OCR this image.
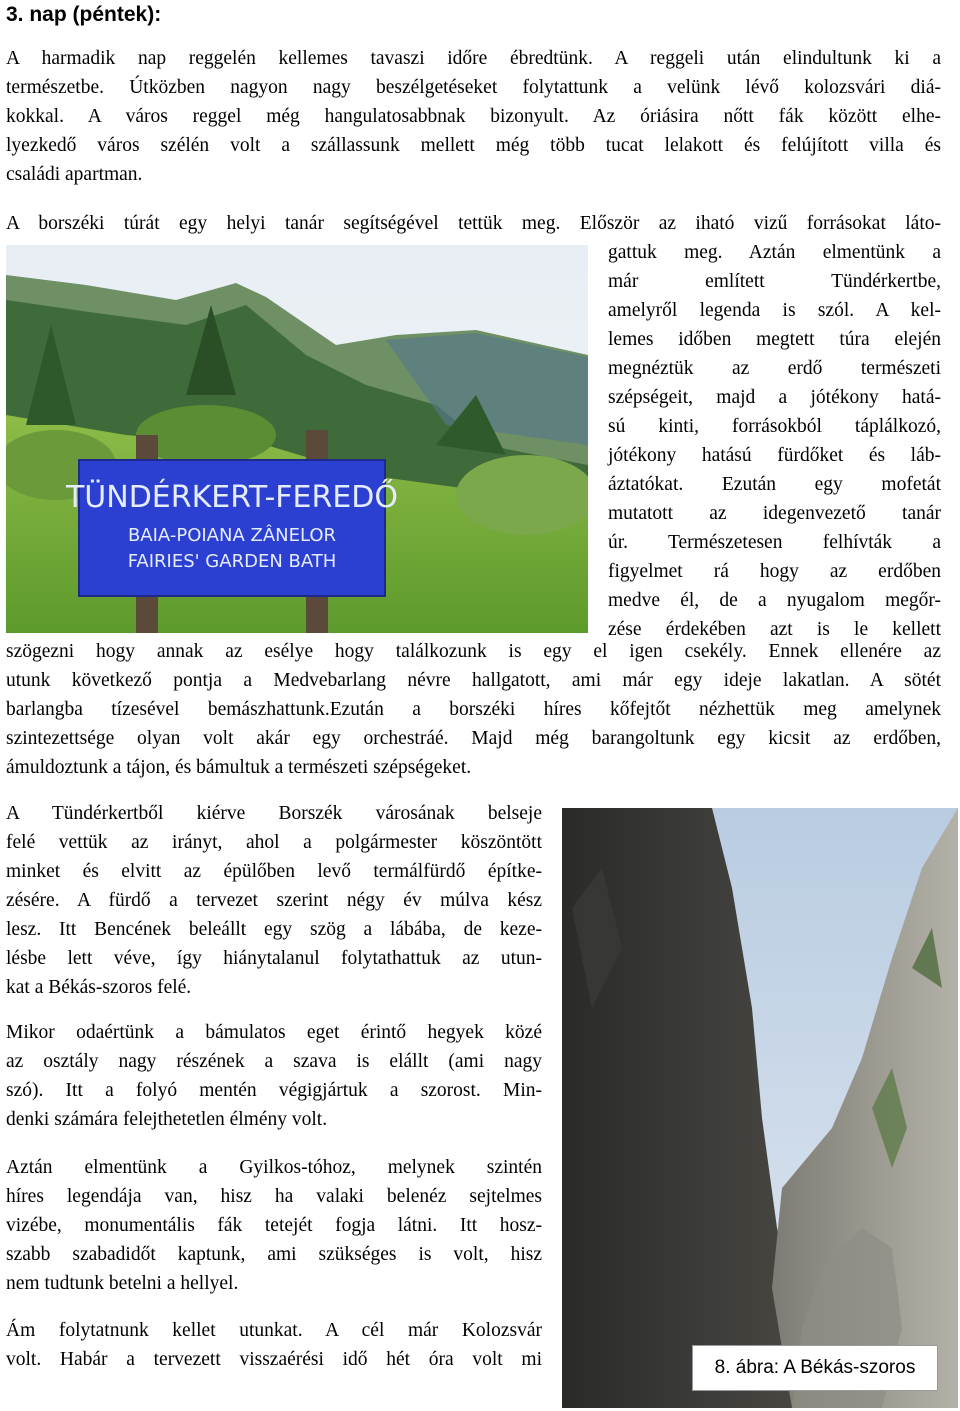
3. nap (péntek):
A harmadik nap reggelén kellemes tavaszi időre ébredtünk. A reggeli után elindultunk ki a
természetbe. Útközben nagyon nagy beszélgetéseket folytattunk a velünk lévő kolozsvári diá-
kokkal. A város reggel még hangulatosabbnak bizonyult. Az óriásira nőtt fák között elhe-
lyezkedő város szélén volt a szállassunk mellett még több tucat lelakott és felújított villa és
családi apartman.
A borszéki túrát egy helyi tanár segítségével tettük meg. Először az iható vizű forrásokat láto-
TÜNDÉRKERT-FEREDŐ
BAIA-POIANA ZÂNELOR
FAIRIES' GARDEN BATH
gattuk meg. Aztán elmentünk a
már említett Tündérkertbe,
amelyről legenda is szól. A kel-
lemes időben megtett túra elején
megnéztük az erdő természeti
szépségeit, majd a jótékony hatá-
sú kinti, forrásokból táplálkozó,
jótékony hatású fürdőket és láb-
áztatókat. Ezután egy mofetát
mutatott az idegenvezető tanár
úr. Természetesen felhívták a
figyelmet rá hogy az erdőben
medve él, de a nyugalom megőr-
zése érdekében azt is le kellett
szögezni hogy annak az esélye hogy találkozunk is egy el igen csekély. Ennek ellenére az
utunk következő pontja a Medvebarlang névre hallgatott, ami már egy ideje lakatlan. A sötét
barlangba tízesével bemászhattunk.Ezután a borszéki híres kőfejtőt nézhettük meg amelynek
szintezettsége olyan volt akár egy orchestráé. Majd még barangoltunk egy kicsit az erdőben,
ámuldoztunk a tájon, és bámultuk a természeti szépségeket.
A Tündérkertből kiérve Borszék városának belseje
felé vettük az irányt, ahol a polgármester köszöntött
minket és elvitt az épülőben levő termálfürdő építke-
zésére. A fürdő a tervezet szerint négy év múlva kész
lesz. Itt Bencének beleállt egy szög a lábába, de keze-
lésbe lett véve, így hiánytalanul folytathattuk az utun-
kat a Békás-szoros felé.
Mikor odaértünk a bámulatos eget érintő hegyek közé
az osztály nagy részének a szava is elállt (ami nagy
szó). Itt a folyó mentén végigjártuk a szorost. Min-
denki számára felejthetetlen élmény volt.
Aztán elmentünk a Gyilkos-tóhoz, melynek szintén
híres legendája van, hisz ha valaki belenéz sejtelmes
vizébe, monumentális fák tetejét fogja látni. Itt hosz-
szabb szabadidőt kaptunk, ami szükséges is volt, hisz
nem tudtunk betelni a hellyel.
Ám folytatnunk kellet utunkat. A cél már Kolozsvár
volt. Habár a tervezett visszaérési idő hét óra volt mi	8. ábra: A Békás-szoros
